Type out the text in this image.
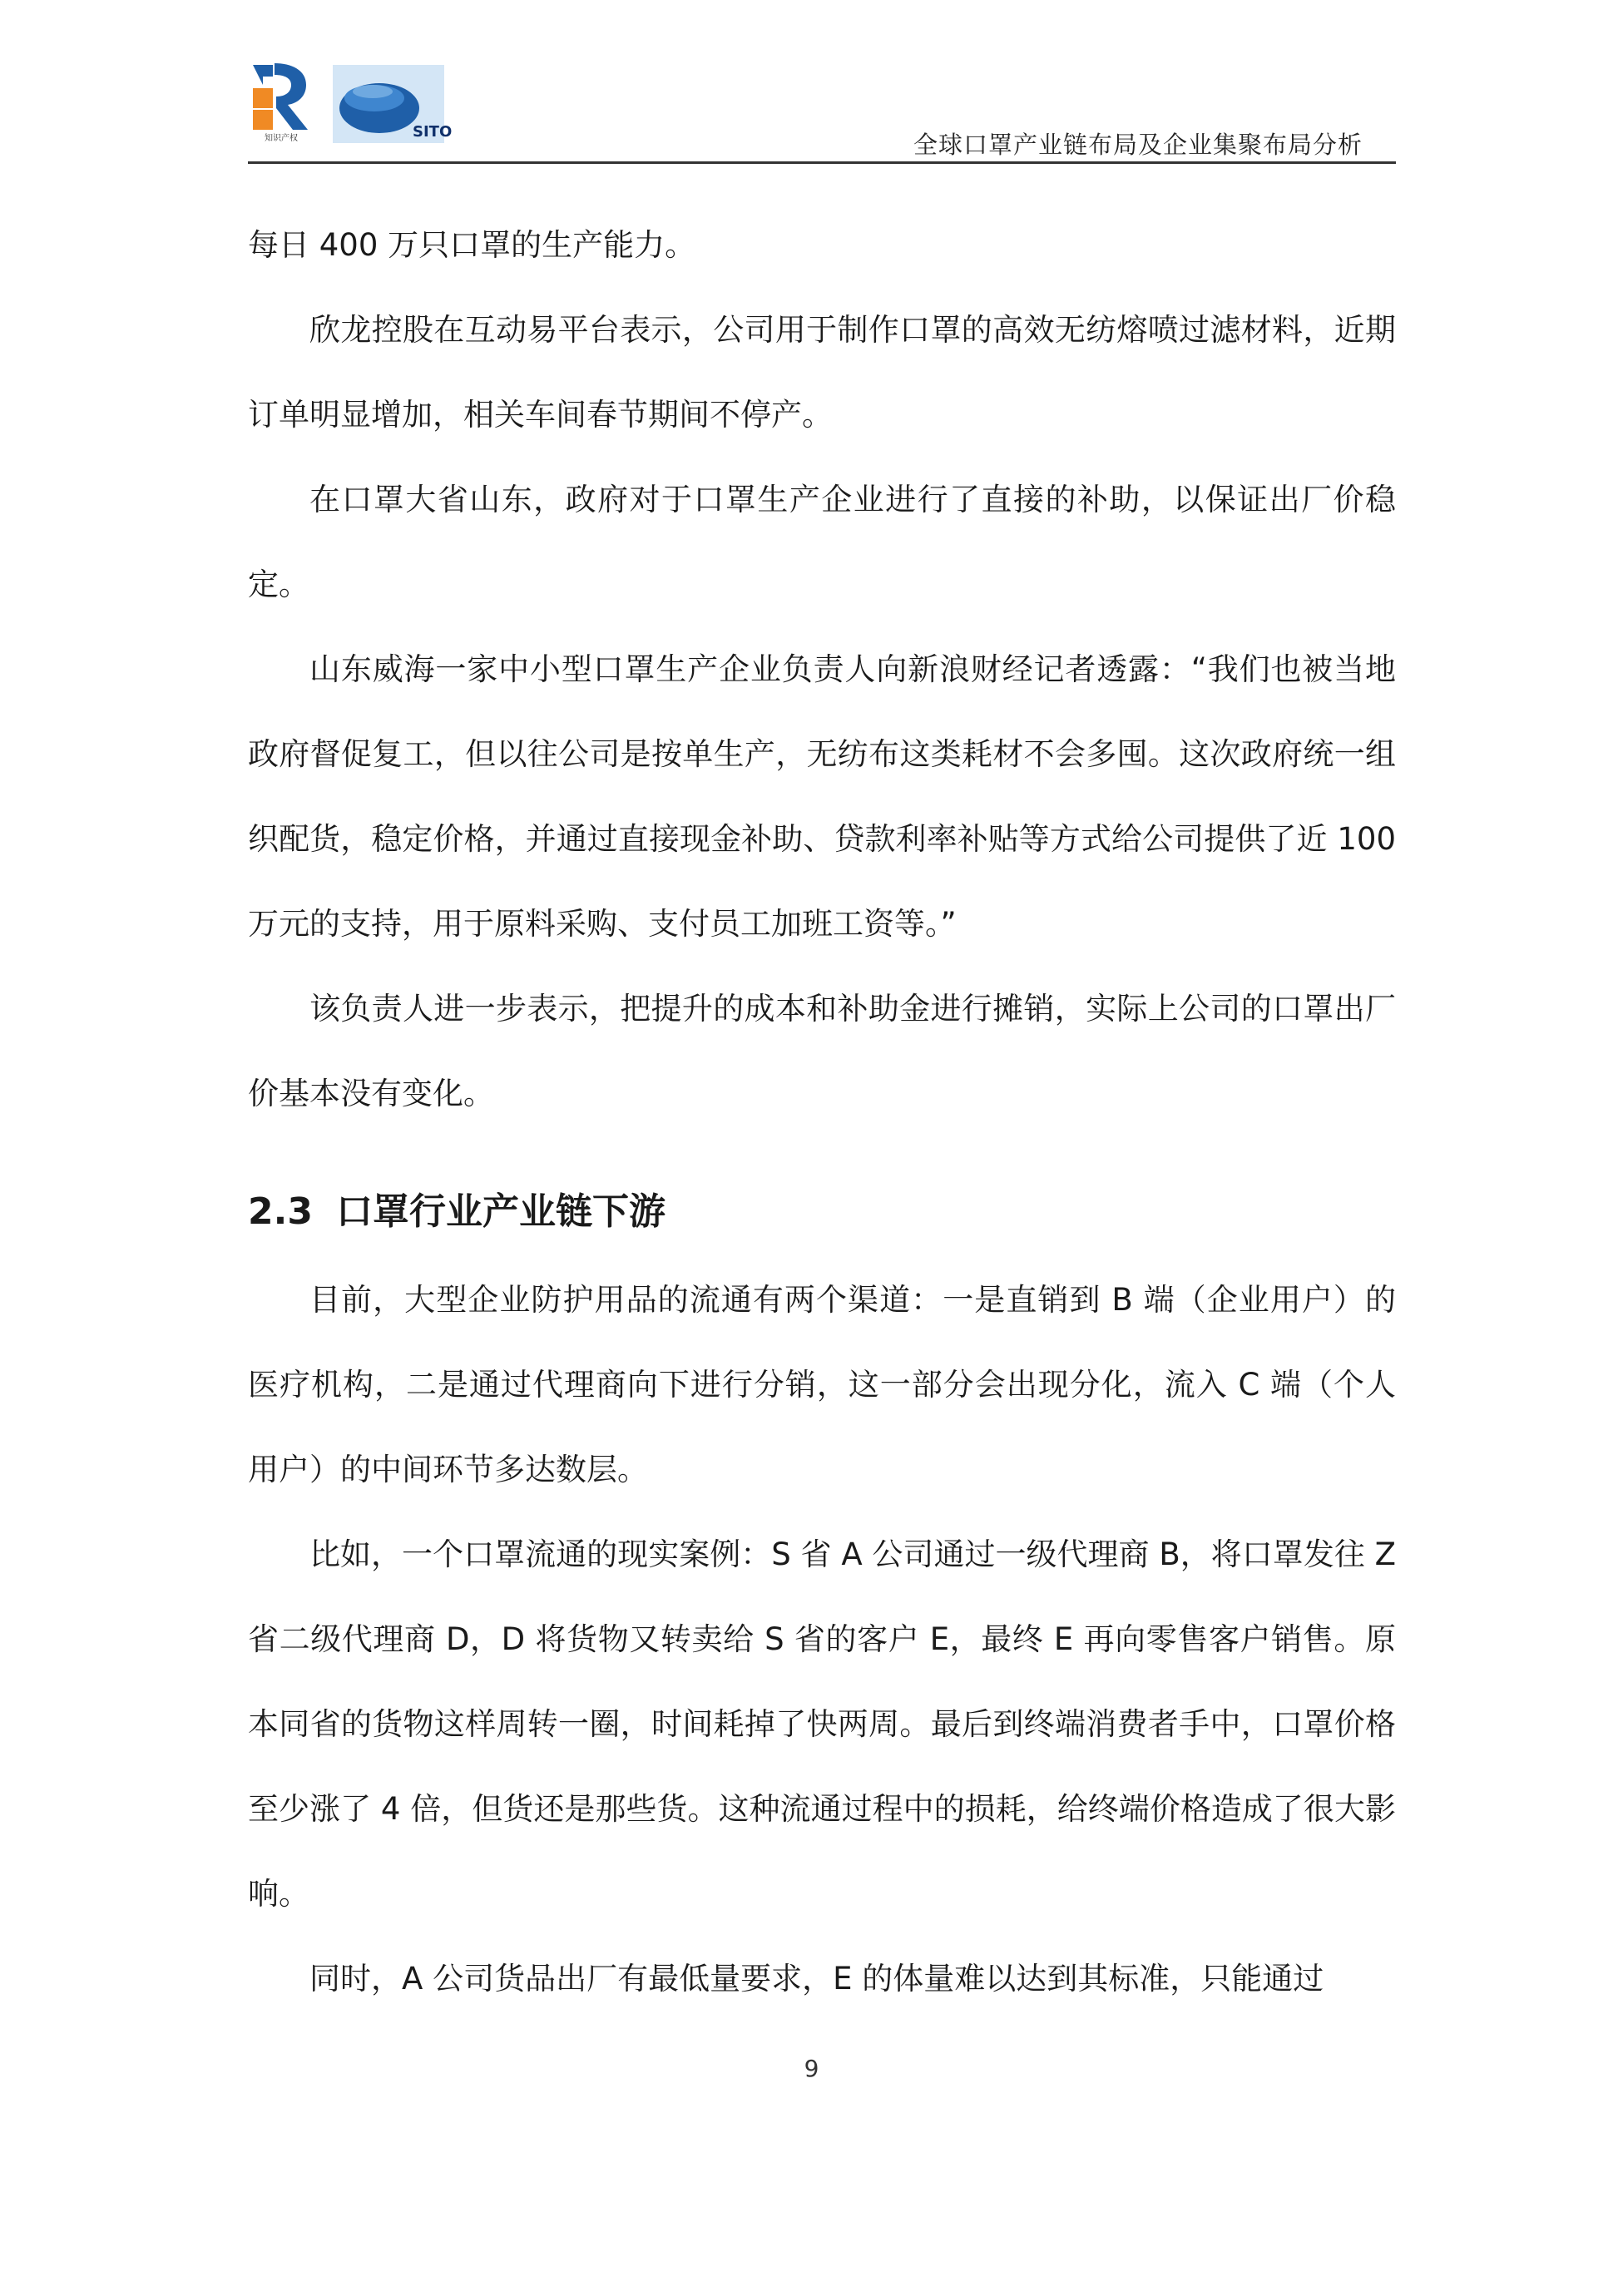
知识产权	SITO	全球口罩产业链布局及企业集聚布局分析

每日 400 万只口罩的生产能力。

欣龙控股在互动易平台表示，公司用于制作口罩的高效无纺熔喷过滤材料，近期订单明显增加，相关车间春节期间不停产。

在口罩大省山东，政府对于口罩生产企业进行了直接的补助，以保证出厂价稳定。

山东威海一家中小型口罩生产企业负责人向新浪财经记者透露：“我们也被当地政府督促复工，但以往公司是按单生产，无纺布这类耗材不会多囤。这次政府统一组织配货，稳定价格，并通过直接现金补助、贷款利率补贴等方式给公司提供了近 100 万元的支持，用于原料采购、支付员工加班工资等。”

该负责人进一步表示，把提升的成本和补助金进行摊销，实际上公司的口罩出厂价基本没有变化。

2.3 口罩行业产业链下游

目前，大型企业防护用品的流通有两个渠道：一是直销到 B 端（企业用户）的医疗机构，二是通过代理商向下进行分销，这一部分会出现分化，流入 C 端（个人用户）的中间环节多达数层。

比如，一个口罩流通的现实案例：S 省 A 公司通过一级代理商 B，将口罩发往 Z 省二级代理商 D，D 将货物又转卖给 S 省的客户 E，最终 E 再向零售客户销售。原本同省的货物这样周转一圈，时间耗掉了快两周。最后到终端消费者手中，口罩价格至少涨了 4 倍，但货还是那些货。这种流通过程中的损耗，给终端价格造成了很大影响。

同时，A 公司货品出厂有最低量要求，E 的体量难以达到其标准，只能通过

9
